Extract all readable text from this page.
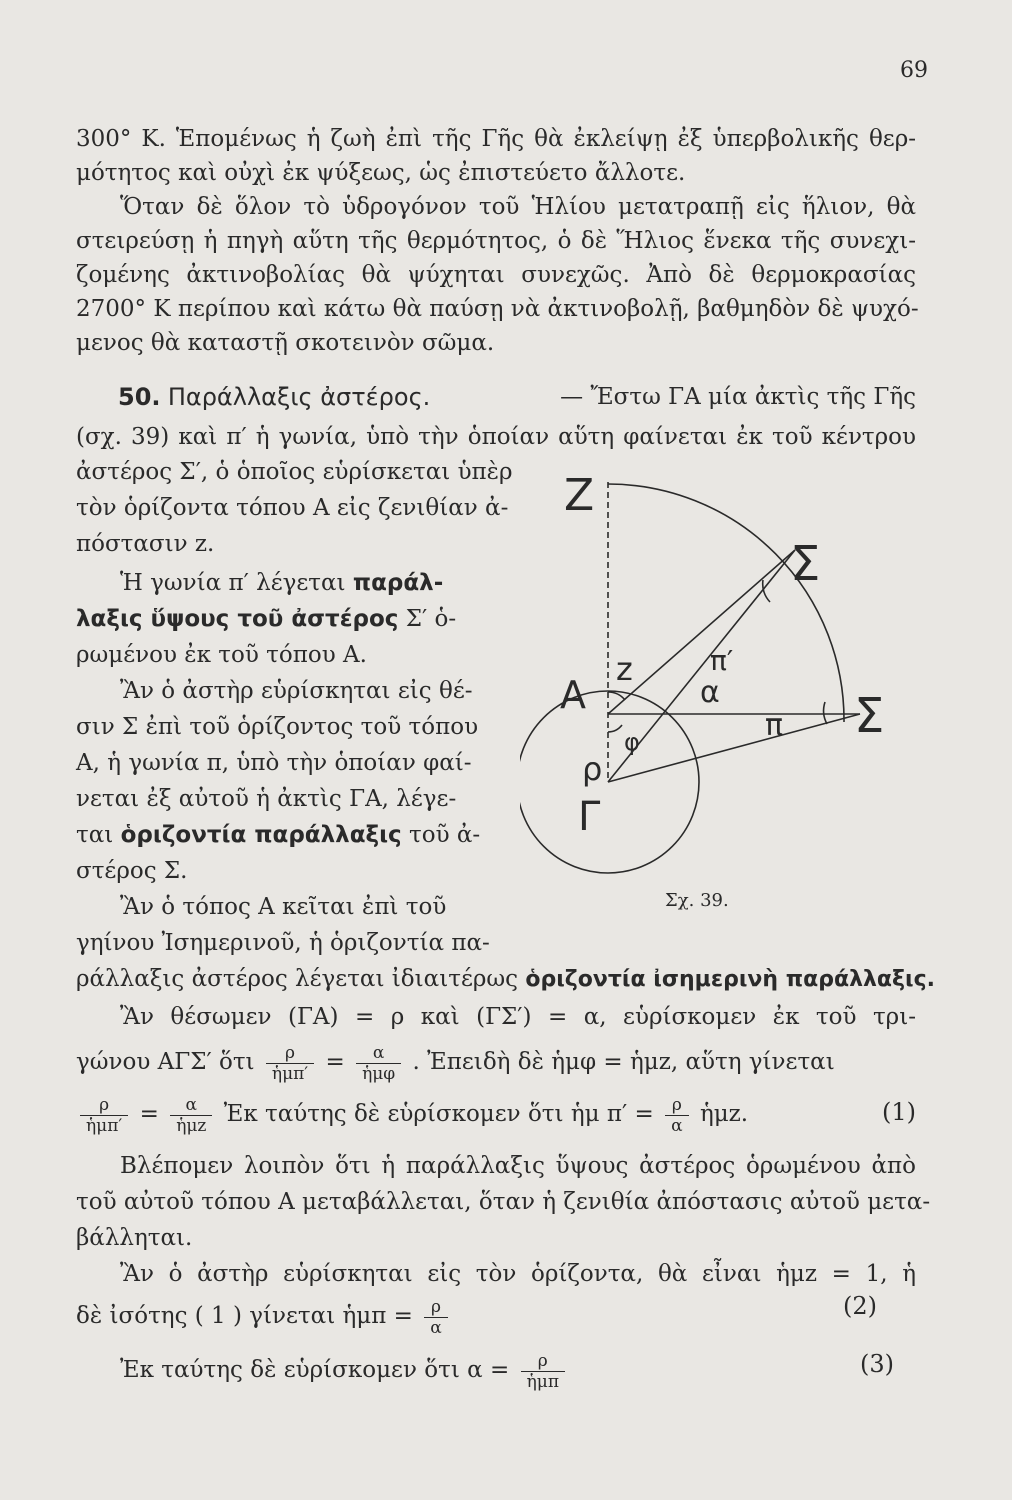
69
300° Κ. Ἑπομένως ἡ ζωὴ ἐπὶ τῆς Γῆς θὰ ἐκλείψῃ ἐξ ὑπερβολικῆς θερ-
μότητος καὶ οὐχὶ ἐκ ψύξεως, ὡς ἐπιστεύετο ἄλλοτε.
Ὅταν δὲ ὅλον τὸ ὑδρογόνον τοῦ Ἡλίου μετατραπῇ εἰς ἥλιον, θὰ
στειρεύσῃ ἡ πηγὴ αὕτη τῆς θερμότητος, ὁ δὲ Ἥλιος ἕνεκα τῆς συνεχι-
ζομένης ἀκτινοβολίας θὰ ψύχηται συνεχῶς. Ἀπὸ δὲ θερμοκρασίας
2700° Κ περίπου καὶ κάτω θὰ παύσῃ νὰ ἀκτινοβολῇ, βαθμηδὸν δὲ ψυχό-
μενος θὰ καταστῇ σκοτεινὸν σῶμα.
50. Παράλλαξις ἀστέρος.	— Ἔστω ΓΑ μία ἀκτὶς τῆς Γῆς
(σχ. 39) καὶ π′ ἡ γωνία, ὑπὸ τὴν ὁποίαν αὕτη φαίνεται ἐκ τοῦ κέντρου
ἀστέρος Σ′, ὁ ὁποῖος εὑρίσκεται ὑπὲρ
τὸν ὁρίζοντα τόπου Α εἰς ζενιθίαν ἀ-
πόστασιν z.
Ἡ γωνία π′ λέγεται παράλ-
λαξις ὕψους τοῦ ἀστέρος Σ′ ὁ-
ρωμένου ἐκ τοῦ τόπου Α.
Ἂν ὁ ἀστὴρ εὑρίσκηται εἰς θέ-
σιν Σ ἐπὶ τοῦ ὁρίζοντος τοῦ τόπου
Α, ἡ γωνία π, ὑπὸ τὴν ὁποίαν φαί-
νεται ἐξ αὐτοῦ ἡ ἀκτὶς ΓΑ, λέγε-
ται ὁριζοντία παράλλαξις τοῦ ἀ-
στέρος Σ.
Ἂν ὁ τόπος Α κεῖται ἐπὶ τοῦ
γηίνου Ἰσημερινοῦ, ἡ ὁριζοντία πα-
ράλλαξις ἀστέρος λέγεται ἰδιαιτέρως ὁριζοντία ἰσημερινὴ παράλλαξις.
Ἂν θέσωμεν (ΓΑ) = ρ καὶ (ΓΣ′) = α, εὑρίσκομεν ἐκ τοῦ τρι-
γώνου ΑΓΣ′ ὅτι $\frac{\rho}{\text{ἡμπ′}} = \frac{\alpha}{\text{ἡμφ}}$ . Ἐπειδὴ δὲ ἡμφ = ἡμz, αὕτη γίνεται
$\frac{\rho}{\text{ἡμπ′}} = \frac{\alpha}{\text{ἡμz}}$ Ἐκ ταύτης δὲ εὑρίσκομεν ὅτι ἡμ $\pi' = \frac{\rho}{\alpha}$ ἡμz.	(1)
Βλέπομεν λοιπὸν ὅτι ἡ παράλλαξις ὕψους ἀστέρος ὁρωμένου ἀπὸ
τοῦ αὐτοῦ τόπου Α μεταβάλλεται, ὅταν ἡ ζενιθία ἀπόστασις αὐτοῦ μετα-
βάλληται.
Ἂν ὁ ἀστὴρ εὑρίσκηται εἰς τὸν ὁρίζοντα, θὰ εἶναι ἡμz = 1, ἡ
δὲ ἰσότης ( 1 ) γίνεται ἡμπ = $\frac{\rho}{\alpha}$	(2)
Ἐκ ταύτης δὲ εὑρίσκομεν ὅτι $\alpha = \frac{\rho}{\text{ἡμπ}}$	(3)
Z
Σ
π′
z
A	α
π Σ
φ
ρ
Γ
Σχ. 39.
